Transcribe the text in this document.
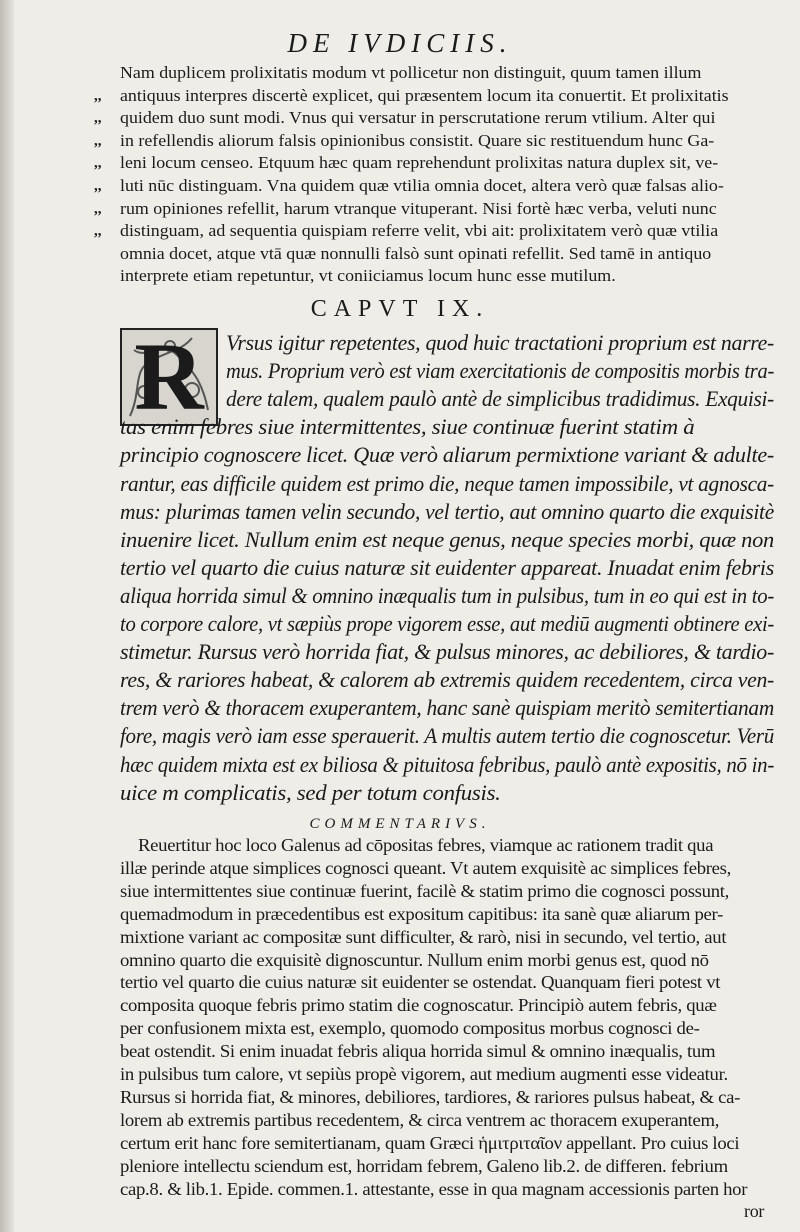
DE IVDICIIS.
Nam duplicem prolixitatis modum vt pollicetur non distinguit, quum tamen illum
antiquus interpres discertè explicet, qui præsentem locum ita conuertit. Et prolixitatis
quidem duo sunt modi. Vnus qui versatur in perscrutatione rerum vtilium. Alter qui
in refellendis aliorum falsis opinionibus consistit. Quare sic restituendum hunc Ga-
leni locum censeo. Etquum hæc quam reprehendunt prolixitas natura duplex sit, ve-
luti nūc distinguam. Vna quidem quæ vtilia omnia docet, altera verò quæ falsas alio-
rum opiniones refellit, harum vtranque vituperant. Nisi fortè hæc verba, veluti nunc
distinguam, ad sequentia quispiam referre velit, vbi ait: prolixitatem verò quæ vtilia
omnia docet, atque vtā quæ nonnulli falsò sunt opinati refellit. Sed tamē in antiquo
interprete etiam repetuntur, vt coniiciamus locum hunc esse mutilum.
,,
,,
,,
,,
,,
,,
,,
CAPVT IX.
R	Vrsus igitur repetentes, quod huic tractationi proprium est narre-
mus. Proprium verò est viam exercitationis de compositis morbis tra-
dere talem, qualem paulò antè de simplicibus tradidimus. Exquisi-
tas enim febres siue intermittentes, siue continuæ fuerint statim à
principio cognoscere licet. Quæ verò aliarum permixtione variant & adulte-
rantur, eas difficile quidem est primo die, neque tamen impossibile, vt agnosca-
mus: plurimas tamen velin secundo, vel tertio, aut omnino quarto die exquisitè
inuenire licet. Nullum enim est neque genus, neque species morbi, quæ non
tertio vel quarto die cuius naturæ sit euidenter appareat. Inuadat enim febris
aliqua horrida simul & omnino inæqualis tum in pulsibus, tum in eo qui est in to-
to corpore calore, vt sæpiùs prope vigorem esse, aut mediū augmenti obtinere exi-
stimetur. Rursus verò horrida fiat, & pulsus minores, ac debiliores, & tardio-
res, & rariores habeat, & calorem ab extremis quidem recedentem, circa ven-
trem verò & thoracem exuperantem, hanc sanè quispiam meritò semitertianam
fore, magis verò iam esse sperauerit. A multis autem tertio die cognoscetur. Verū
hæc quidem mixta est ex biliosa & pituitosa febribus, paulò antè expositis, nō in-
uice m complicatis, sed per totum confusis.
COMMENTARIVS.
Reuertitur hoc loco Galenus ad cōpositas febres, viamque ac rationem tradit qua
illæ perinde atque simplices cognosci queant. Vt autem exquisitè ac simplices febres,
siue intermittentes siue continuæ fuerint, facilè & statim primo die cognosci possunt,
quemadmodum in præcedentibus est expositum capitibus: ita sanè quæ aliarum per-
mixtione variant ac compositæ sunt difficulter, & rarò, nisi in secundo, vel tertio, aut
omnino quarto die exquisitè dignoscuntur. Nullum enim morbi genus est, quod nō
tertio vel quarto die cuius naturæ sit euidenter se ostendat. Quanquam fieri potest vt
composita quoque febris primo statim die cognoscatur. Principiò autem febris, quæ
per confusionem mixta est, exemplo, quomodo compositus morbus cognosci de-
beat ostendit. Si enim inuadat febris aliqua horrida simul & omnino inæqualis, tum
in pulsibus tum calore, vt sepiùs propè vigorem, aut medium augmenti esse videatur.
Rursus si horrida fiat, & minores, debiliores, tardiores, & rariores pulsus habeat, & ca-
lorem ab extremis partibus recedentem, & circa ventrem ac thoracem exuperantem,
certum erit hanc fore semitertianam, quam Græci ἡμιτριταῖον appellant. Pro cuius loci
pleniore intellectu sciendum est, horridam febrem, Galeno lib.2. de differen. febrium
cap.8. & lib.1. Epide. commen.1. attestante, esse in qua magnam accessionis parten hor
ror
